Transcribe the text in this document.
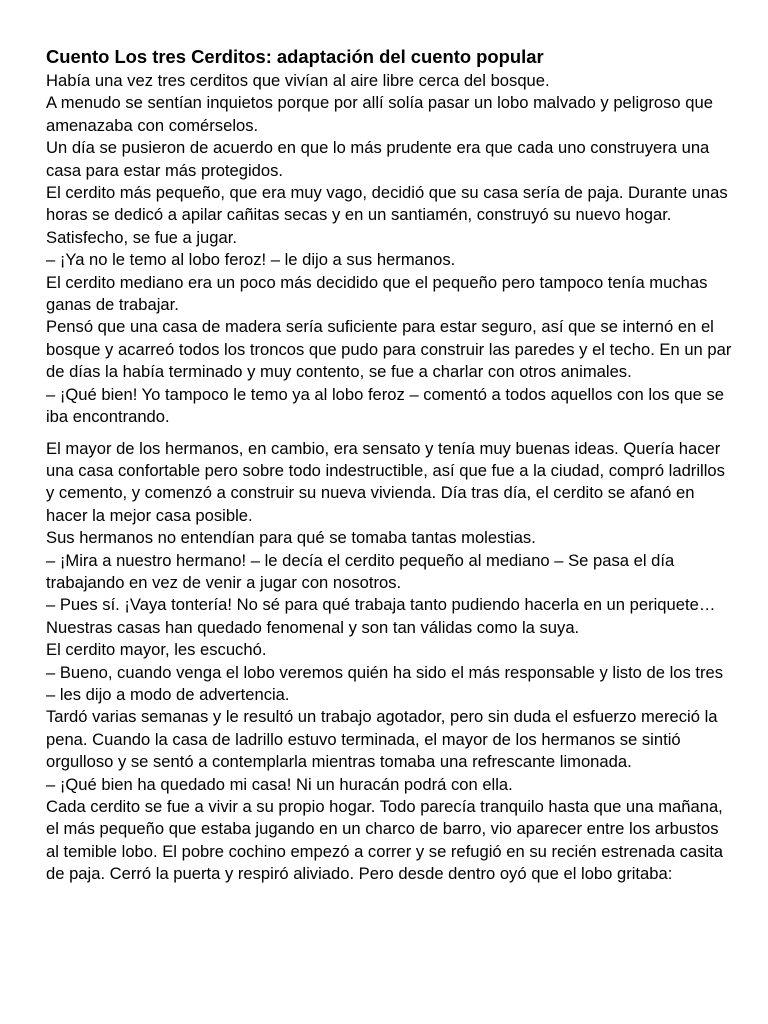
Cuento Los tres Cerditos: adaptación del cuento popular

Había una vez tres cerditos que vivían al aire libre cerca del bosque.

A menudo se sentían inquietos porque por allí solía pasar un lobo malvado y peligroso que amenazaba con comérselos.

Un día se pusieron de acuerdo en que lo más prudente era que cada uno construyera una casa para estar más protegidos.

El cerdito más pequeño, que era muy vago, decidió que su casa sería de paja. Durante unas horas se dedicó a apilar cañitas secas y en un santiamén, construyó su nuevo hogar. Satisfecho, se fue a jugar.

– ¡Ya no le temo al lobo feroz! – le dijo a sus hermanos.

El cerdito mediano era un poco más decidido que el pequeño pero tampoco tenía muchas ganas de trabajar.

Pensó que una casa de madera sería suficiente para estar seguro, así que se internó en el bosque y acarreó todos los troncos que pudo para construir las paredes y el techo. En un par de días la había terminado y muy contento, se fue a charlar con otros animales.

– ¡Qué bien! Yo tampoco le temo ya al lobo feroz – comentó a todos aquellos con los que se iba encontrando.

El mayor de los hermanos, en cambio, era sensato y tenía muy buenas ideas. Quería hacer una casa confortable pero sobre todo indestructible, así que fue a la ciudad, compró ladrillos y cemento, y comenzó a construir su nueva vivienda. Día tras día, el cerdito se afanó en hacer la mejor casa posible.

Sus hermanos no entendían para qué se tomaba tantas molestias.

– ¡Mira a nuestro hermano! – le decía el cerdito pequeño al mediano – Se pasa el día trabajando en vez de venir a jugar con nosotros.

– Pues sí. ¡Vaya tontería! No sé para qué trabaja tanto pudiendo hacerla en un periquete… Nuestras casas han quedado fenomenal y son tan válidas como la suya.

El cerdito mayor, les escuchó.

– Bueno, cuando venga el lobo veremos quién ha sido el más responsable y listo de los tres – les dijo a modo de advertencia.

Tardó varias semanas y le resultó un trabajo agotador, pero sin duda el esfuerzo mereció la pena. Cuando la casa de ladrillo estuvo terminada, el mayor de los hermanos se sintió orgulloso y se sentó a contemplarla mientras tomaba una refrescante limonada.

– ¡Qué bien ha quedado mi casa! Ni un huracán podrá con ella.

Cada cerdito se fue a vivir a su propio hogar. Todo parecía tranquilo hasta que una mañana, el más pequeño que estaba jugando en un charco de barro, vio aparecer entre los arbustos al temible lobo. El pobre cochino empezó a correr y se refugió en su recién estrenada casita de paja. Cerró la puerta y respiró aliviado. Pero desde dentro oyó que el lobo gritaba:
